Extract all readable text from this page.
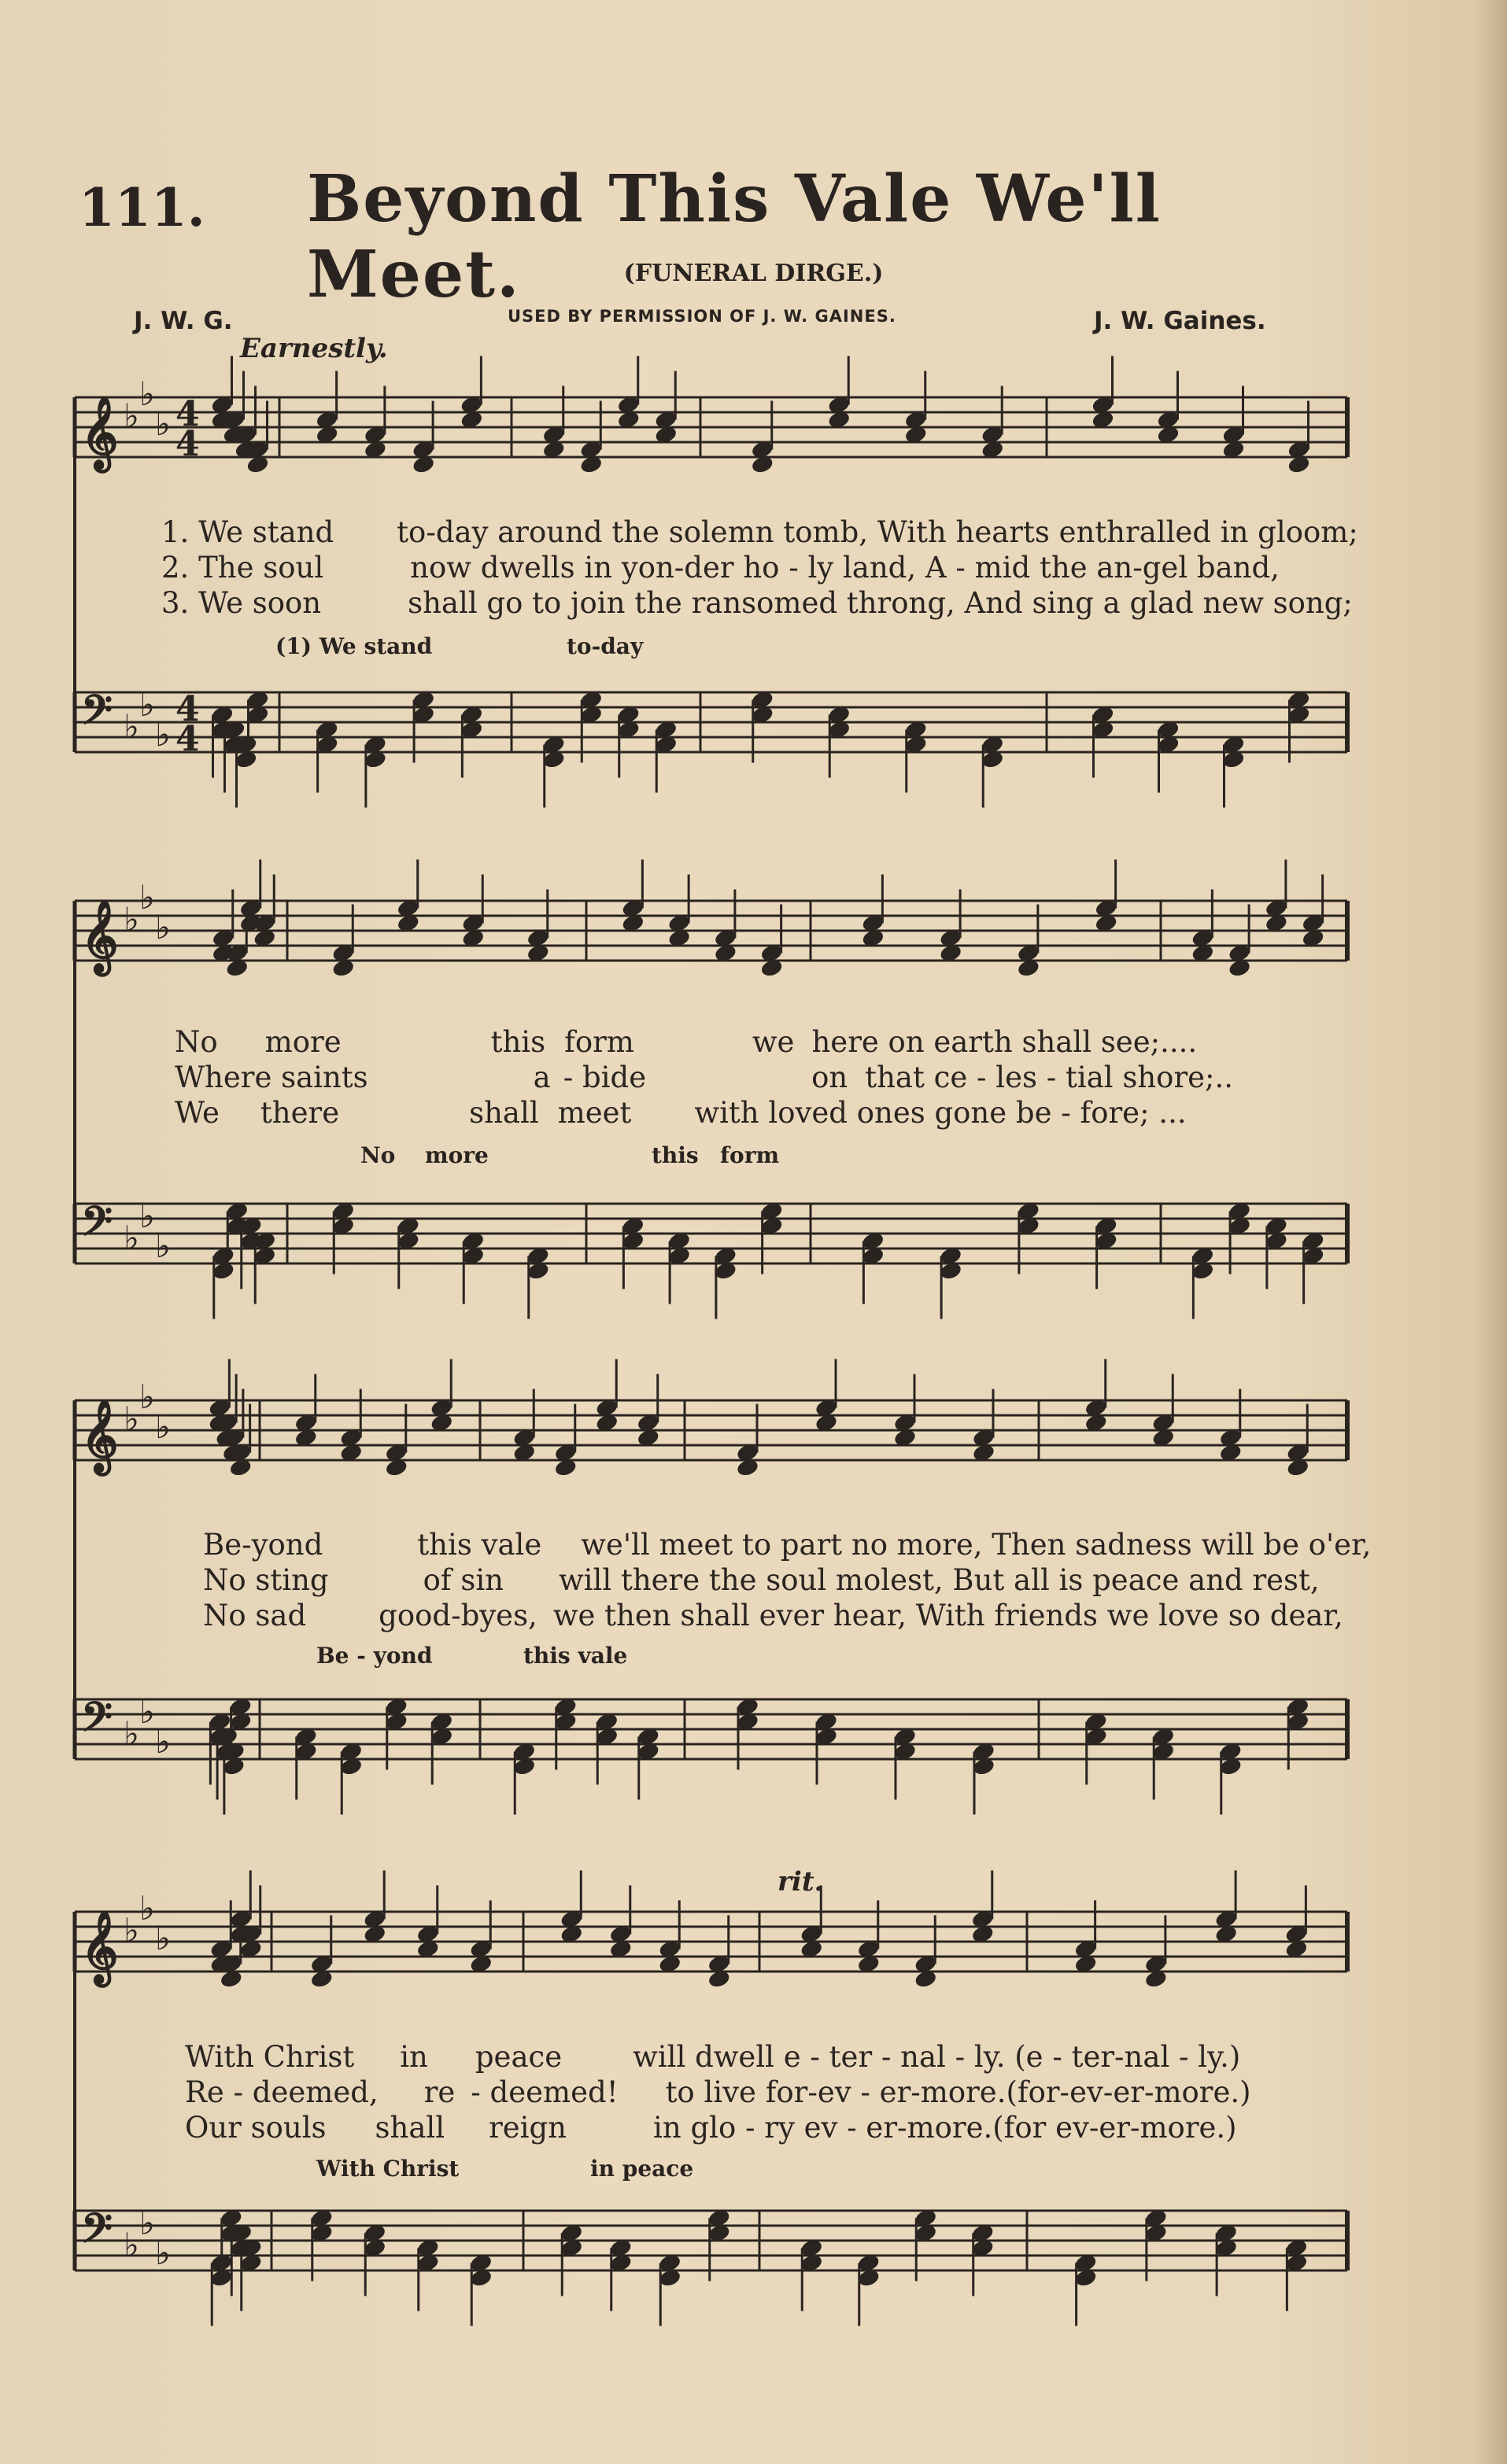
111. Beyond This Vale We'll Meet.	(FUNERAL DIRGE.)
J. W. G.	USED BY PERMISSION OF J. W. GAINES.	J. W. Gaines.
Earnestly.
𝄞 ♭
♭
♭ 4
4
𝄢 ♭
♭
♭
4
4
𝄞 ♭
♭
♭
𝄢 ♭
♭
♭
𝄞 ♭
♭
♭
𝄢 ♭
♭
♭
𝄞 ♭
♭
♭
𝄢 ♭
♭
♭
1. We stand to-day around the solemn tomb, With hearts enthralled in gloom;
2. The soul	now dwells in yon-der ho - ly land, A - mid the an-gel band,
3. We soon	shall go to join the ransomed throng, And sing a glad new song;
(1) We stand	to-day
No more	this form	we here on earth shall see;....
Where saints	a - bide	on that ce - les - tial shore;..
We there	shall meet with loved ones gone be - fore; ...
No more	this form
Be-yond	this vale we'll meet to part no more, Then sadness will be o'er,
No sting	of sin will there the soul molest, But all is peace and rest,
No sad good-byes, we then shall ever hear, With friends we love so dear,
Be - yond	this vale
rit.
With Christ in peace will dwell e - ter - nal - ly. (e - ter-nal - ly.)
Re - deemed, re - deemed! to live for-ev - er-more.(for-ev-er-more.)
Our souls shall reign	in glo - ry ev - er-more.(for ev-er-more.)
With Christ	in peace
